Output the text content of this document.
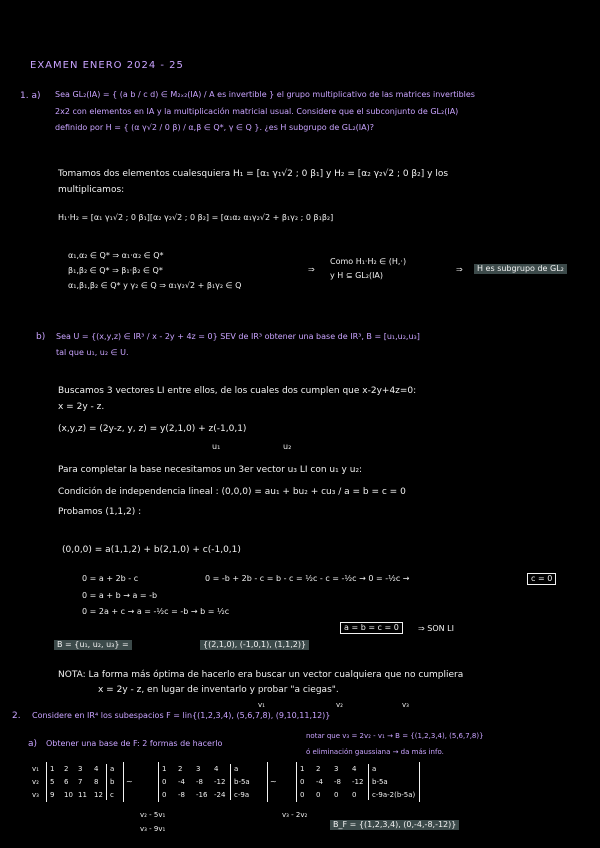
EXAMEN ENERO 2024 - 25
1. a) Sea GL₂(IA) = { (a b / c d) ∈ M₂ₓ₂(IA) / A es invertible } el grupo multiplicativo de las matrices invertibles
2x2 con elementos en IA y la multiplicación matricial usual. Considere que el subconjunto de GL₂(IA)
definido por H = { (α γ√2 / 0 β) / α,β ∈ Q*, γ ∈ Q }. ¿es H subgrupo de GL₂(IA)?
Tomamos dos elementos cualesquiera H₁ = [α₁ γ₁√2 ; 0 β₁] y H₂ = [α₂ γ₂√2 ; 0 β₂] y los
multiplicamos:
H₁·H₂ = [α₁ γ₁√2 ; 0 β₁][α₂ γ₂√2 ; 0 β₂] = [α₁α₂ α₁γ₂√2 + β₁γ₂ ; 0 β₁β₂]
α₁,α₂ ∈ Q* ⇒ α₁·α₂ ∈ Q*
β₁,β₂ ∈ Q* ⇒ β₁·β₂ ∈ Q*
α₁,β₁,β₂ ∈ Q* y γ₂ ∈ Q ⇒ α₁γ₂√2 + β₁γ₂ ∈ Q
⇒
Como H₁·H₂ ∈ (H,·)
y H ⊆ GL₂(IA)
⇒	H es subgrupo de GL₂
b) Sea U = {(x,y,z) ∈ IR³ / x - 2y + 4z = 0} SEV de IR³ obtener una base de IR³, B = [u₁,u₂,u₃]
tal que u₁, u₂ ∈ U.
Buscamos 3 vectores LI entre ellos, de los cuales dos cumplen que x-2y+4z=0:
x = 2y - z.
(x,y,z) = (2y-z, y, z) = y(2,1,0) + z(-1,0,1)
u₁	u₂
Para completar la base necesitamos un 3er vector u₃ LI con u₁ y u₂:
Condición de independencia lineal : (0,0,0) = au₁ + bu₂ + cu₃ / a = b = c = 0
Probamos (1,1,2) :
(0,0,0) = a(1,1,2) + b(2,1,0) + c(-1,0,1)
0 = a + 2b - c	0 = -b + 2b - c = b - c = ½c - c = -½c → 0 = -½c →	c = 0
0 = a + b → a = -b
0 = 2a + c → a = -½c = -b → b = ½c
a = b = c = 0	⇒ SON LI
B = {u₁, u₂, u₃} =	{(2,1,0), (-1,0,1), (1,1,2)}
NOTA: La forma más óptima de hacerlo era buscar un vector cualquiera que no cumpliera
x = 2y - z, en lugar de inventarlo y probar "a ciegas".
2. Considere en IR⁴ los subespacios F = lin{(1,2,3,4), (5,6,7,8), (9,10,11,12)}
v₁	v₂	v₃
a) Obtener una base de F: 2 formas de hacerlo
notar que v₃ = 2v₂ - v₁ → B = {(1,2,3,4), (5,6,7,8)}
ó eliminación gaussiana → da más info.
v₁
v₂
v₃
1 2 3 4 a
5 6 7 8 b
9 10 11 12 c
~
1 2 3 4 a
0 -4 -8 -12 b-5a
0 -8 -16 -24 c-9a
~
1 2 3 4 a
0 -4 -8 -12 b-5a
0 0 0 0 c-9a-2(b-5a)
v₂ - 5v₁
v₃ - 9v₁
v₃ - 2v₂
B_F = {(1,2,3,4), (0,-4,-8,-12)}
